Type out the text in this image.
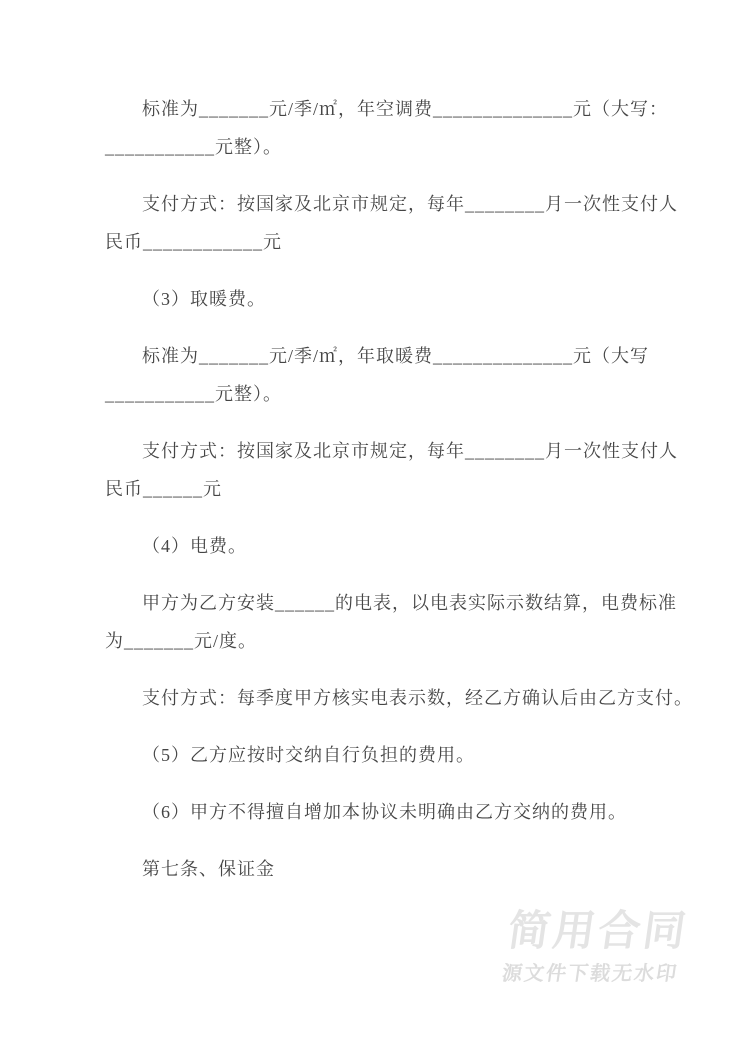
标准为_______元/季/㎡，年空调费______________元（大写：
___________元整）。
支付方式：按国家及北京市规定，每年________月一次性支付人
民币____________元
（3）取暖费。
标准为_______元/季/㎡，年取暖费______________元（大写
___________元整）。
支付方式：按国家及北京市规定，每年________月一次性支付人
民币______元
（4）电费。
甲方为乙方安装______的电表，以电表实际示数结算，电费标准
为_______元/度。
支付方式：每季度甲方核实电表示数，经乙方确认后由乙方支付。
（5）乙方应按时交纳自行负担的费用。
（6）甲方不得擅自增加本协议未明确由乙方交纳的费用。
第七条、保证金
简用合同
源文件下载无水印
